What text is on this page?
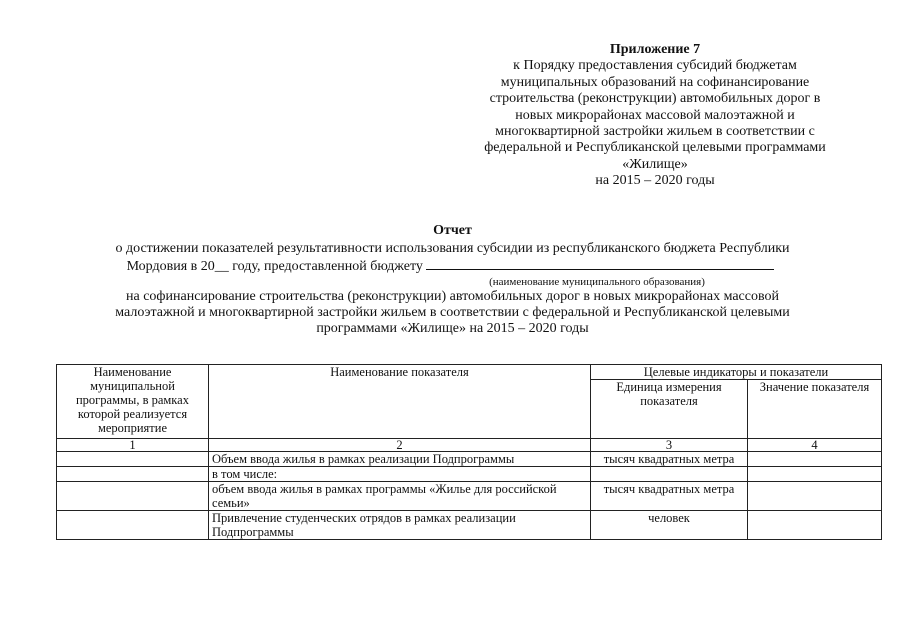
Приложение 7
к Порядку предоставления субсидий бюджетам
муниципальных образований на софинансирование
строительства (реконструкции) автомобильных дорог в
новых микрорайонах массовой малоэтажной и
многоквартирной застройки жильем в соответствии с
федеральной и Республиканской целевыми программами
«Жилище»
на 2015 – 2020 годы
Отчет
о достижении показателей результативности использования субсидии из республиканского бюджета Республики
Мордовия в 20__ году, предоставленной бюджету
(наименование муниципального образования)
на софинансирование строительства (реконструкции) автомобильных дорог в новых микрорайонах массовой
малоэтажной и многоквартирной застройки жильем в соответствии с федеральной и Республиканской целевыми
программами «Жилище» на 2015 – 2020 годы
Наименование муниципальной программы, в рамках которой реализуется мероприятие	Наименование показателя	Целевые индикаторы и показатели	
		Единица измерения показателя	Значение показателя
1	2	3	4
	Объем ввода жилья в рамках реализации Подпрограммы	тысяч квадратных метра	
	в том числе:		
	объем ввода жилья в рамках программы «Жилье для российской семьи»	тысяч квадратных метра	
	Привлечение студенческих отрядов в рамках реализации Подпрограммы	человек	
